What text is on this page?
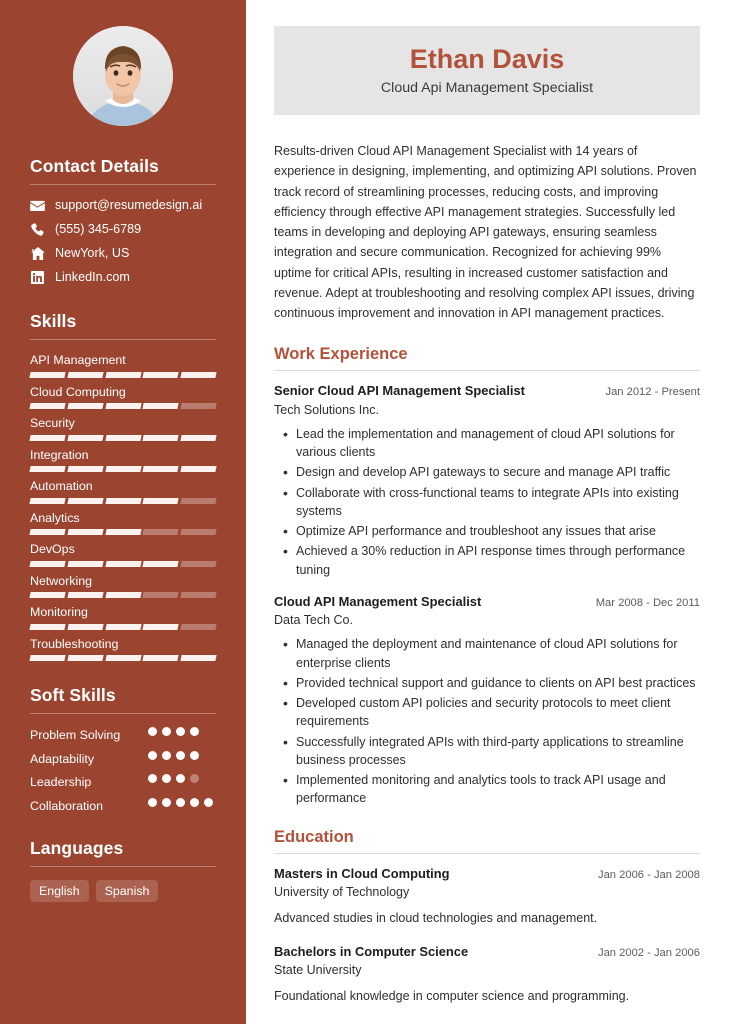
Contact Details
support@resumedesign.ai
(555) 345-6789
NewYork, US
LinkedIn.com
Skills
API Management
Cloud Computing
Security
Integration
Automation
Analytics
DevOps
Networking
Monitoring
Troubleshooting
Soft Skills
Problem Solving
Adaptability
Leadership
Collaboration
Languages
English	Spanish
Ethan Davis
Cloud Api Management Specialist

Results-driven Cloud API Management Specialist with 14 years of experience in designing, implementing, and optimizing API solutions. Proven track record of streamlining processes, reducing costs, and improving efficiency through effective API management strategies. Successfully led teams in developing and deploying API gateways, ensuring seamless integration and secure communication. Recognized for achieving 99% uptime for critical APIs, resulting in increased customer satisfaction and revenue. Adept at troubleshooting and resolving complex API issues, driving continuous improvement and innovation in API management practices.

Work Experience
Senior Cloud API Management Specialist	Jan 2012 - Present
Tech Solutions Inc.
• Lead the implementation and management of cloud API solutions for various clients
• Design and develop API gateways to secure and manage API traffic
• Collaborate with cross-functional teams to integrate APIs into existing systems
• Optimize API performance and troubleshoot any issues that arise
• Achieved a 30% reduction in API response times through performance tuning
Cloud API Management Specialist	Mar 2008 - Dec 2011
Data Tech Co.
• Managed the deployment and maintenance of cloud API solutions for enterprise clients
• Provided technical support and guidance to clients on API best practices
• Developed custom API policies and security protocols to meet client requirements
• Successfully integrated APIs with third-party applications to streamline business processes
• Implemented monitoring and analytics tools to track API usage and performance
Education
Masters in Cloud Computing	Jan 2006 - Jan 2008
University of Technology
Advanced studies in cloud technologies and management.
Bachelors in Computer Science	Jan 2002 - Jan 2006
State University
Foundational knowledge in computer science and programming.
